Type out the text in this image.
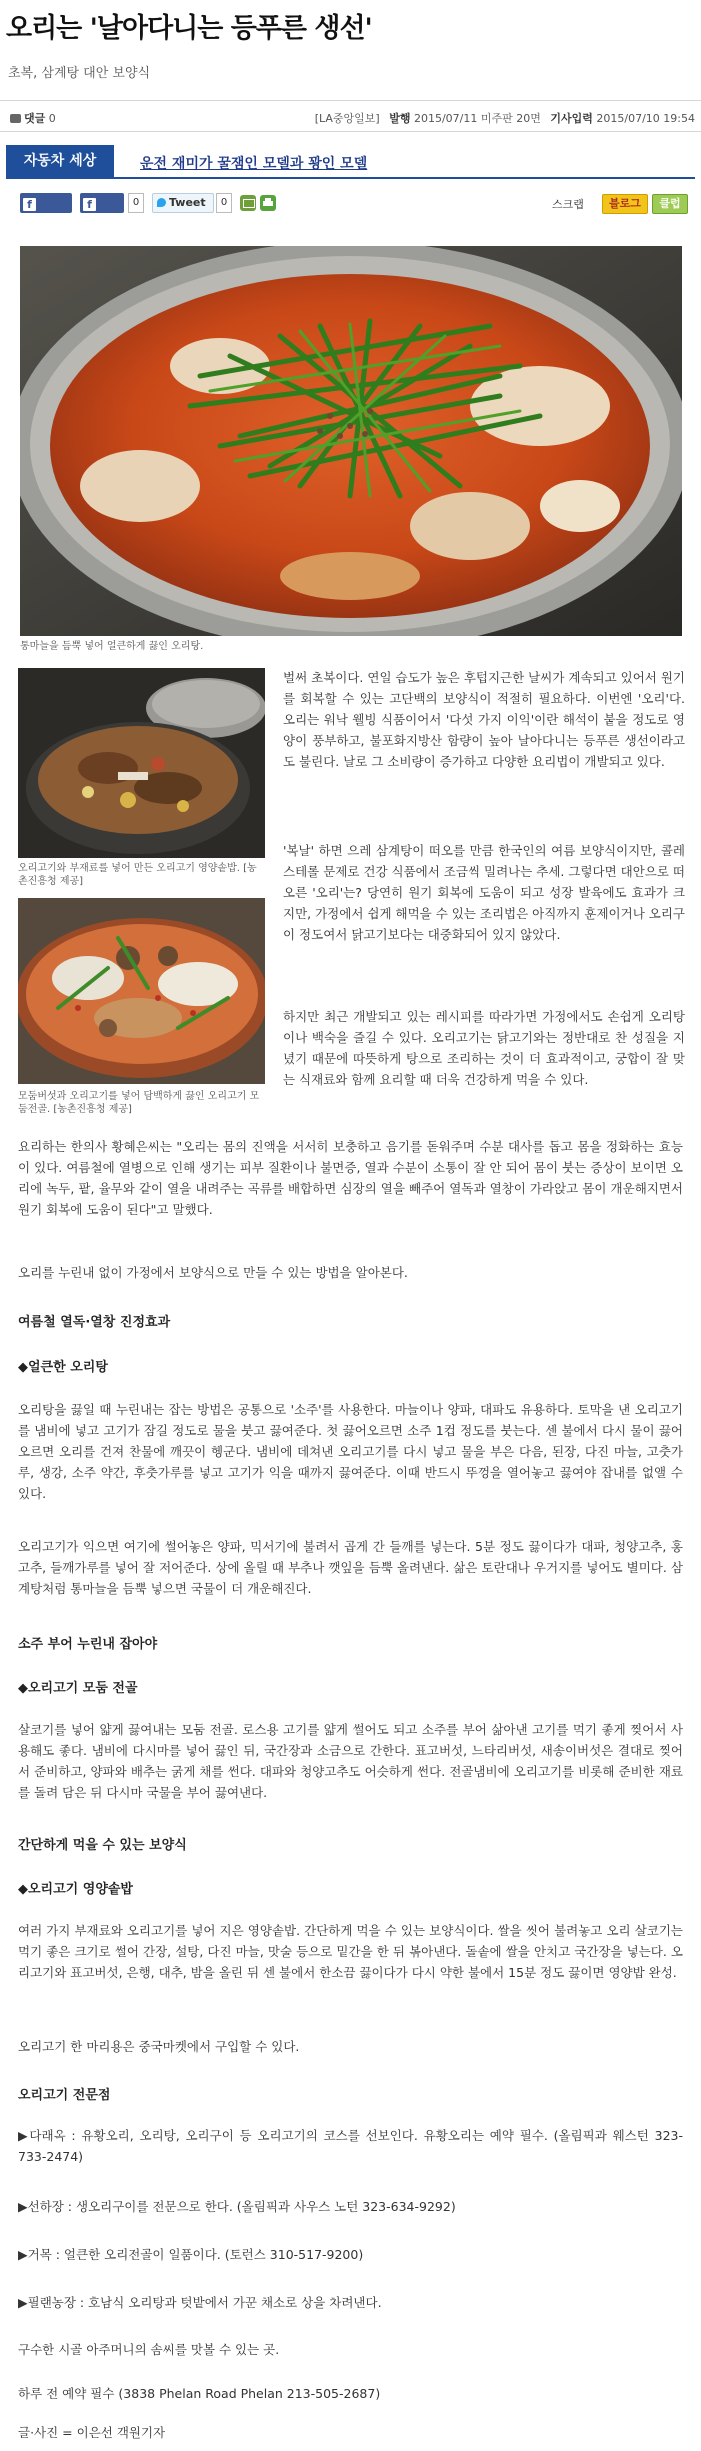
오리는 '날아다니는 등푸른 생선'
초복, 삼계탕 대안 보양식
댓글 0	[LA중앙일보] 발행 2015/07/11 미주판 20면 기사입력 2015/07/10 19:54
자동차 세상	운전 재미가 꿀잼인 모델과 꽝인 모델
fShare
fLike
0	Tweet	0	스크랩	블로그	클럽
통마늘을 듬뿍 넣어 얼큰하게 끓인 오리탕.
오리고기와 부재료를 넣어 만든 오리고기 영양솥밥. [농촌진흥청 제공]
모둠버섯과 오리고기를 넣어 담백하게 끓인 오리고기 모둠전골. [농촌진흥청 제공]

벌써 초복이다. 연일 습도가 높은 후텁지근한 날씨가 계속되고 있어서 원기를 회복할 수 있는 고단백의 보양식이 적절히 필요하다. 이번엔 '오리'다. 오리는 워낙 웰빙 식품이어서 '다섯 가지 이익'이란 해석이 붙을 정도로 영양이 풍부하고, 불포화지방산 함량이 높아 날아다니는 등푸른 생선이라고도 불린다. 날로 그 소비량이 증가하고 다양한 요리법이 개발되고 있다.

'복날' 하면 으레 삼계탕이 떠오를 만큼 한국인의 여름 보양식이지만, 콜레스테롤 문제로 건강 식품에서 조금씩 밀려나는 추세. 그렇다면 대안으로 떠오른 '오리'는? 당연히 원기 회복에 도움이 되고 성장 발육에도 효과가 크지만, 가정에서 쉽게 해먹을 수 있는 조리법은 아직까지 훈제이거나 오리구이 정도여서 닭고기보다는 대중화되어 있지 않았다.

하지만 최근 개발되고 있는 레시피를 따라가면 가정에서도 손쉽게 오리탕이나 백숙을 즐길 수 있다. 오리고기는 닭고기와는 정반대로 찬 성질을 지녔기 때문에 따뜻하게 탕으로 조리하는 것이 더 효과적이고, 궁합이 잘 맞는 식재료와 함께 요리할 때 더욱 건강하게 먹을 수 있다.

요리하는 한의사 황혜은씨는 "오리는 몸의 진액을 서서히 보충하고 음기를 돋워주며 수분 대사를 돕고 몸을 정화하는 효능이 있다. 여름철에 열병으로 인해 생기는 피부 질환이나 불면증, 열과 수분이 소통이 잘 안 되어 몸이 붓는 증상이 보이면 오리에 녹두, 팥, 율무와 같이 열을 내려주는 곡류를 배합하면 심장의 열을 빼주어 열독과 열창이 가라앉고 몸이 개운해지면서 원기 회복에 도움이 된다"고 말했다.

오리를 누린내 없이 가정에서 보양식으로 만들 수 있는 방법을 알아본다.

여름철 열독·열창 진정효과
◆얼큰한 오리탕

오리탕을 끓일 때 누린내는 잡는 방법은 공통으로 '소주'를 사용한다. 마늘이나 양파, 대파도 유용하다. 토막을 낸 오리고기를 냄비에 넣고 고기가 잠길 정도로 물을 붓고 끓여준다. 첫 끓어오르면 소주 1컵 정도를 붓는다. 센 불에서 다시 물이 끓어오르면 오리를 건져 찬물에 깨끗이 헹군다. 냄비에 데쳐낸 오리고기를 다시 넣고 물을 부은 다음, 된장, 다진 마늘, 고춧가루, 생강, 소주 약간, 후춧가루를 넣고 고기가 익을 때까지 끓여준다. 이때 반드시 뚜껑을 열어놓고 끓여야 잡내를 없앨 수 있다.

오리고기가 익으면 여기에 썰어놓은 양파, 믹서기에 불려서 곱게 간 들깨를 넣는다. 5분 정도 끓이다가 대파, 청양고추, 홍고추, 들깨가루를 넣어 잘 저어준다. 상에 올릴 때 부추나 깻잎을 듬뿍 올려낸다. 삶은 토란대나 우거지를 넣어도 별미다. 삼계탕처럼 통마늘을 듬뿍 넣으면 국물이 더 개운해진다.

소주 부어 누린내 잡아야
◆오리고기 모둠 전골

살코기를 넣어 얇게 끓여내는 모둠 전골. 로스용 고기를 얇게 썰어도 되고 소주를 부어 삶아낸 고기를 먹기 좋게 찢어서 사용해도 좋다. 냄비에 다시마를 넣어 끓인 뒤, 국간장과 소금으로 간한다. 표고버섯, 느타리버섯, 새송이버섯은 결대로 찢어서 준비하고, 양파와 배추는 굵게 채를 썬다. 대파와 청양고추도 어슷하게 썬다. 전골냄비에 오리고기를 비롯해 준비한 재료를 돌려 담은 뒤 다시마 국물을 부어 끓여낸다.

간단하게 먹을 수 있는 보양식
◆오리고기 영양솥밥

여러 가지 부재료와 오리고기를 넣어 지은 영양솥밥. 간단하게 먹을 수 있는 보양식이다. 쌀을 씻어 불려놓고 오리 살코기는 먹기 좋은 크기로 썰어 간장, 설탕, 다진 마늘, 맛술 등으로 밑간을 한 뒤 볶아낸다. 돌솥에 쌀을 안치고 국간장을 넣는다. 오리고기와 표고버섯, 은행, 대추, 밤을 올린 뒤 센 불에서 한소끔 끓이다가 다시 약한 불에서 15분 정도 끓이면 영양밥 완성.

오리고기 한 마리용은 중국마켓에서 구입할 수 있다.

오리고기 전문점

▶다래옥 : 유황오리, 오리탕, 오리구이 등 오리고기의 코스를 선보인다. 유황오리는 예약 필수. (올림픽과 웨스턴 323-733-2474)

▶선하장 : 생오리구이를 전문으로 한다. (올림픽과 사우스 노턴 323-634-9292)

▶거목 : 얼큰한 오리전골이 일품이다. (토런스 310-517-9200)

▶필랜농장 : 호남식 오리탕과 텃밭에서 가꾼 채소로 상을 차려낸다.

구수한 시골 아주머니의 솜씨를 맛볼 수 있는 곳.

하루 전 예약 필수 (3838 Phelan Road Phelan 213-505-2687)

글·사진 = 이은선 객원기자
